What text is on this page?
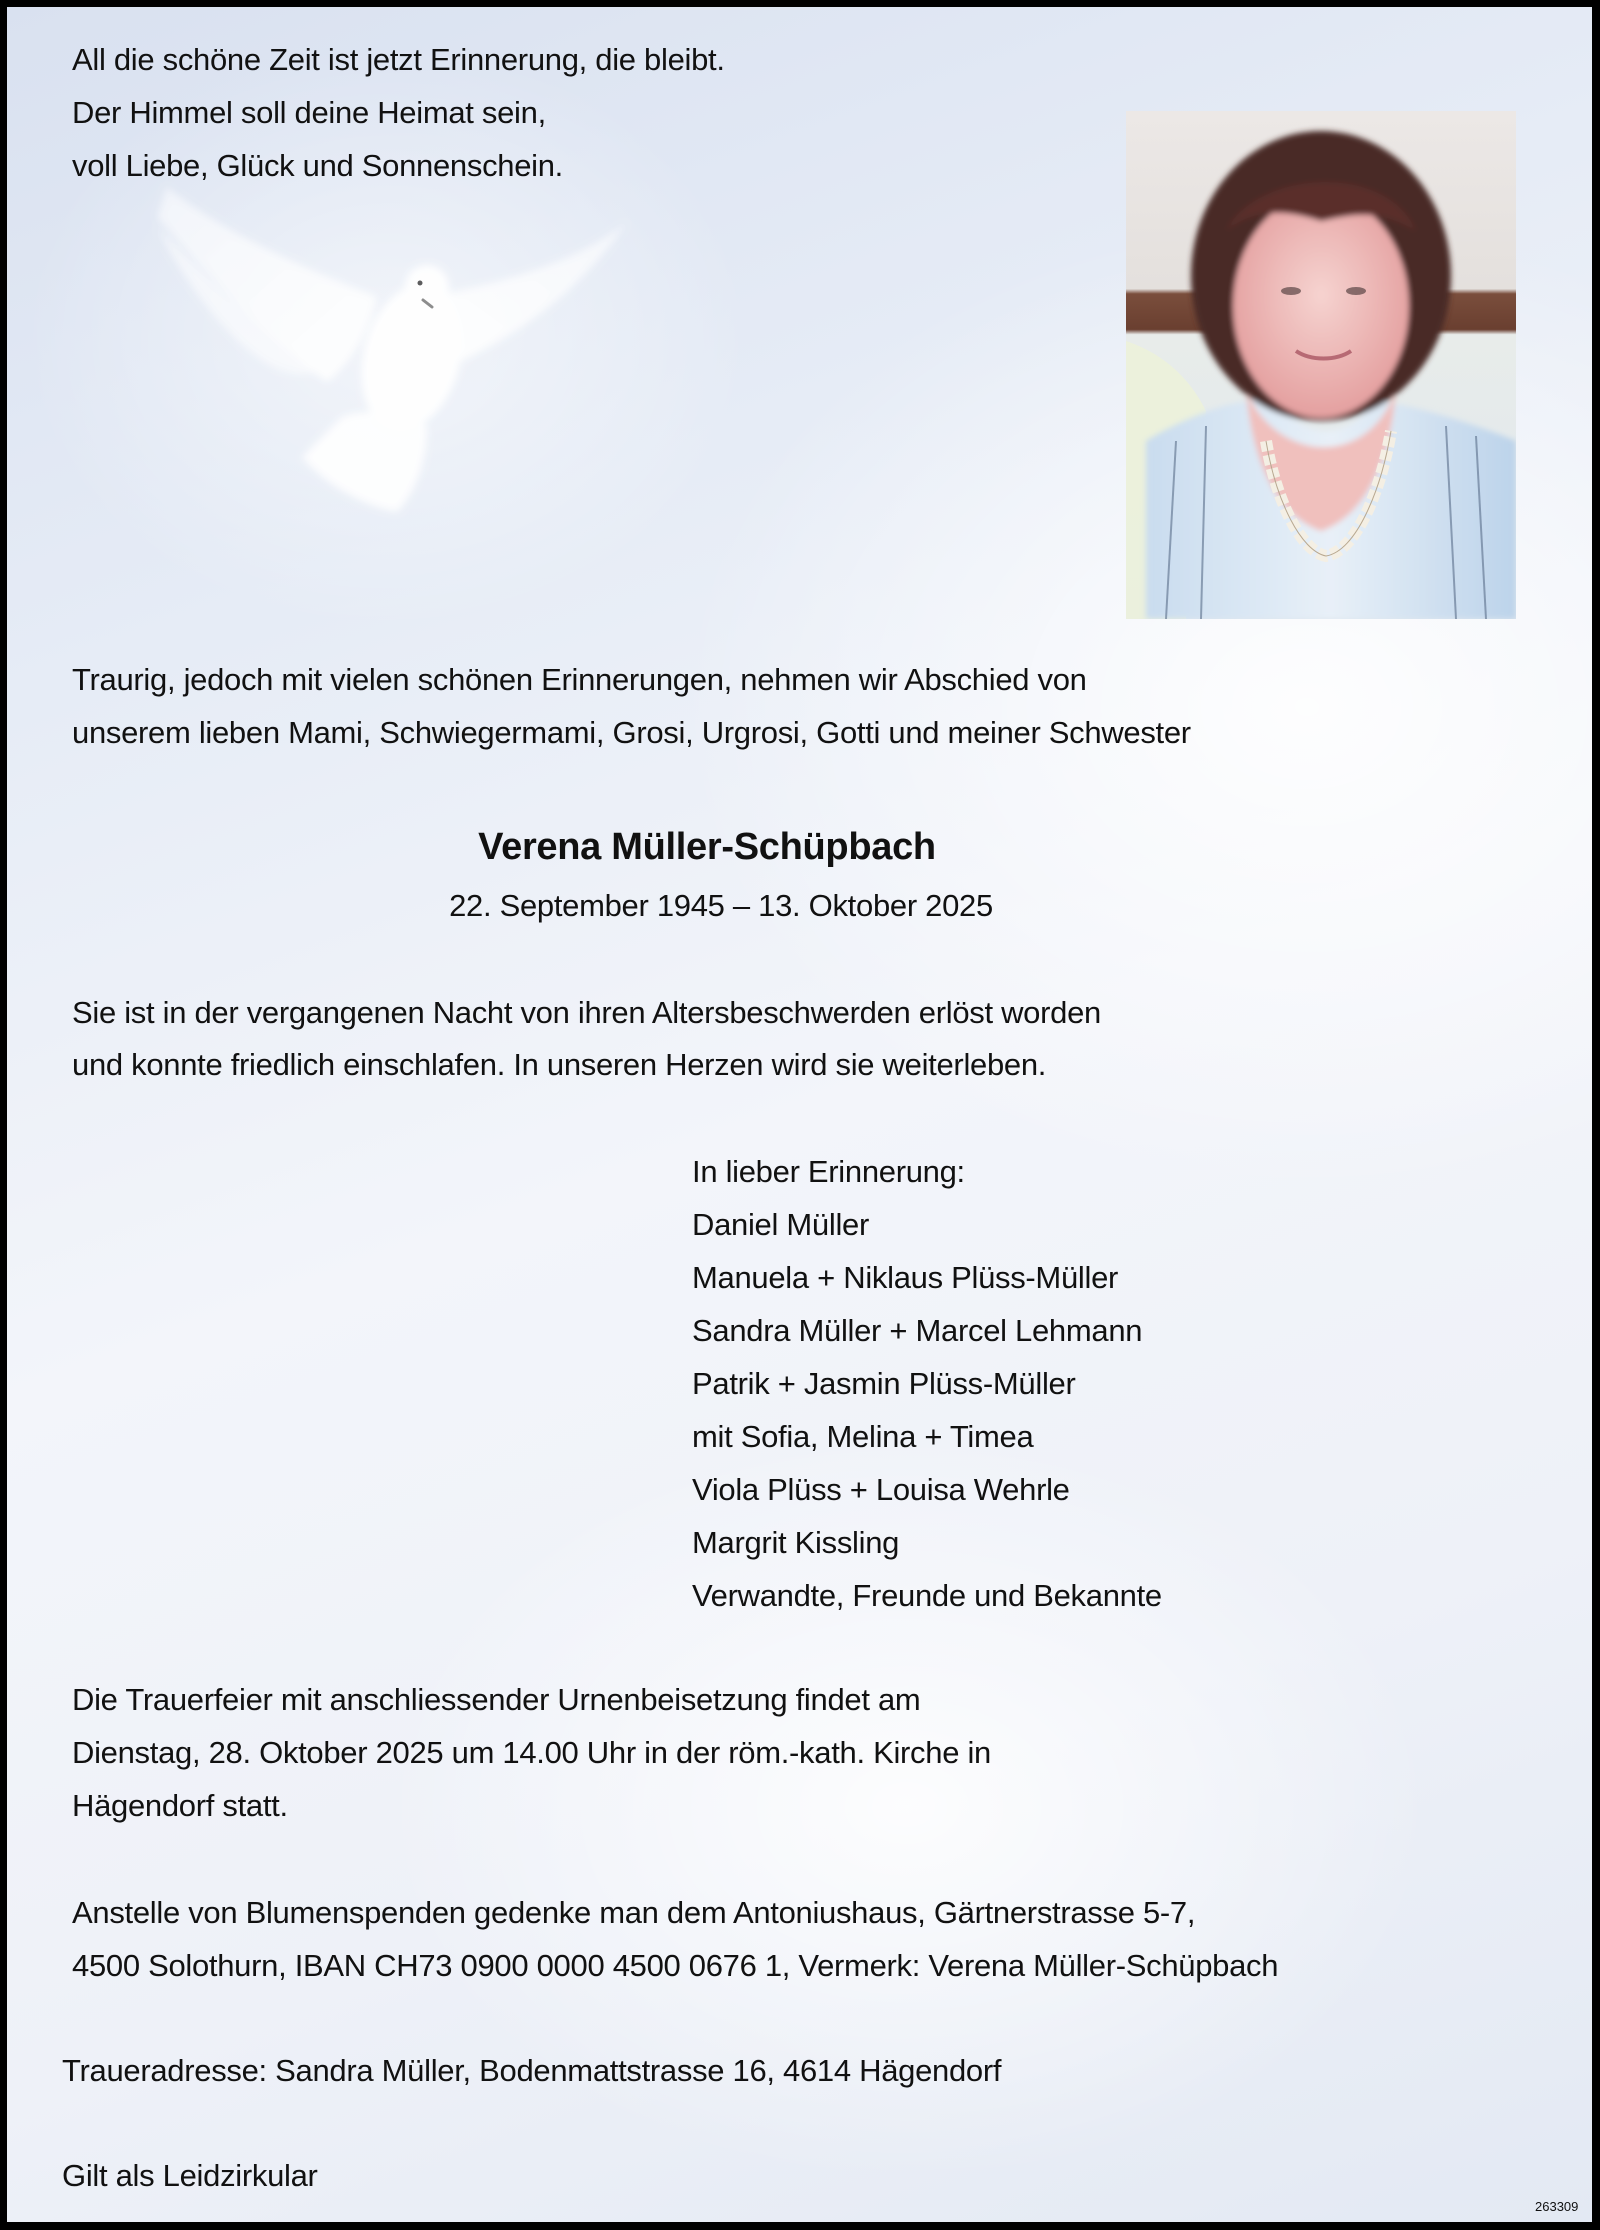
All die schöne Zeit ist jetzt Erinnerung, die bleibt.
Der Himmel soll deine Heimat sein,
voll Liebe, Glück und Sonnenschein.
Traurig, jedoch mit vielen schönen Erinnerungen, nehmen wir Abschied von
unserem lieben Mami, Schwiegermami, Grosi, Urgrosi, Gotti und meiner Schwester
Verena Müller-Schüpbach
22. September 1945 – 13. Oktober 2025
Sie ist in der vergangenen Nacht von ihren Altersbeschwerden erlöst worden
und konnte friedlich einschlafen. In unseren Herzen wird sie weiterleben.
In lieber Erinnerung:
Daniel Müller
Manuela + Niklaus Plüss-Müller
Sandra Müller + Marcel Lehmann
Patrik + Jasmin Plüss-Müller
mit Sofia, Melina + Timea
Viola Plüss + Louisa Wehrle
Margrit Kissling
Verwandte, Freunde und Bekannte
Die Trauerfeier mit anschliessender Urnenbeisetzung findet am
Dienstag, 28. Oktober 2025 um 14.00 Uhr in der röm.-kath. Kirche in
Hägendorf statt.
Anstelle von Blumenspenden gedenke man dem Antoniushaus, Gärtnerstrasse 5-7,
4500 Solothurn, IBAN CH73 0900 0000 4500 0676 1, Vermerk: Verena Müller-Schüpbach
Traueradresse: Sandra Müller, Bodenmattstrasse 16, 4614 Hägendorf
Gilt als Leidzirkular
263309
